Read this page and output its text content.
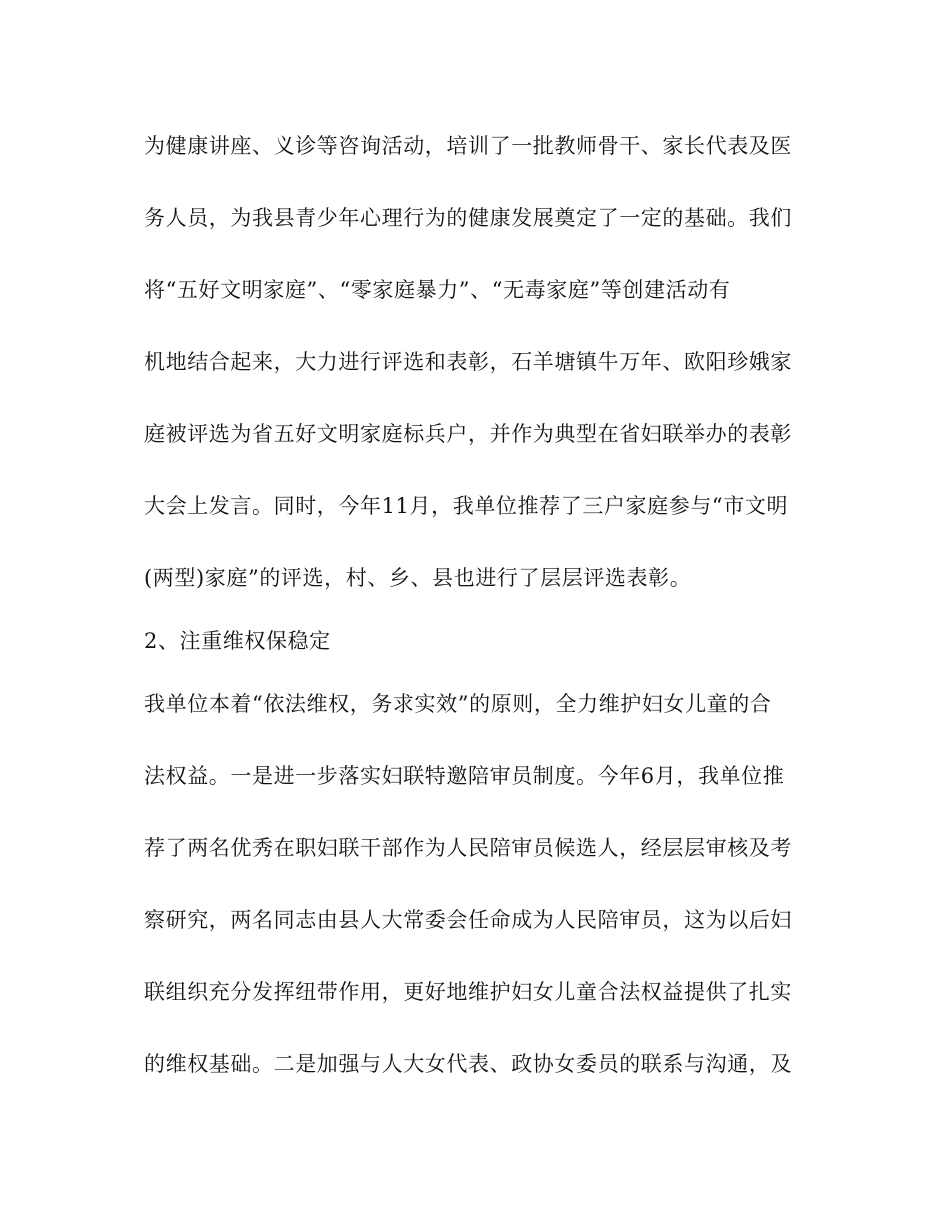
为健康讲座、义诊等咨询活动，培训了一批教师骨干、家长代表及医
务人员，为我县青少年心理行为的健康发展奠定了一定的基础。我们
将“五好文明家庭”、“零家庭暴力”、“无毒家庭”等创建活动有
机地结合起来，大力进行评选和表彰，石羊塘镇牛万年、欧阳珍娥家
庭被评选为省五好文明家庭标兵户，并作为典型在省妇联举办的表彰
大会上发言。同时，今年11月，我单位推荐了三户家庭参与“市文明
(两型)家庭”的评选，村、乡、县也进行了层层评选表彰。
2、注重维权保稳定
我单位本着“依法维权，务求实效”的原则，全力维护妇女儿童的合
法权益。一是进一步落实妇联特邀陪审员制度。今年6月，我单位推
荐了两名优秀在职妇联干部作为人民陪审员候选人，经层层审核及考
察研究，两名同志由县人大常委会任命成为人民陪审员，这为以后妇
联组织充分发挥纽带作用，更好地维护妇女儿童合法权益提供了扎实
的维权基础。二是加强与人大女代表、政协女委员的联系与沟通，及
